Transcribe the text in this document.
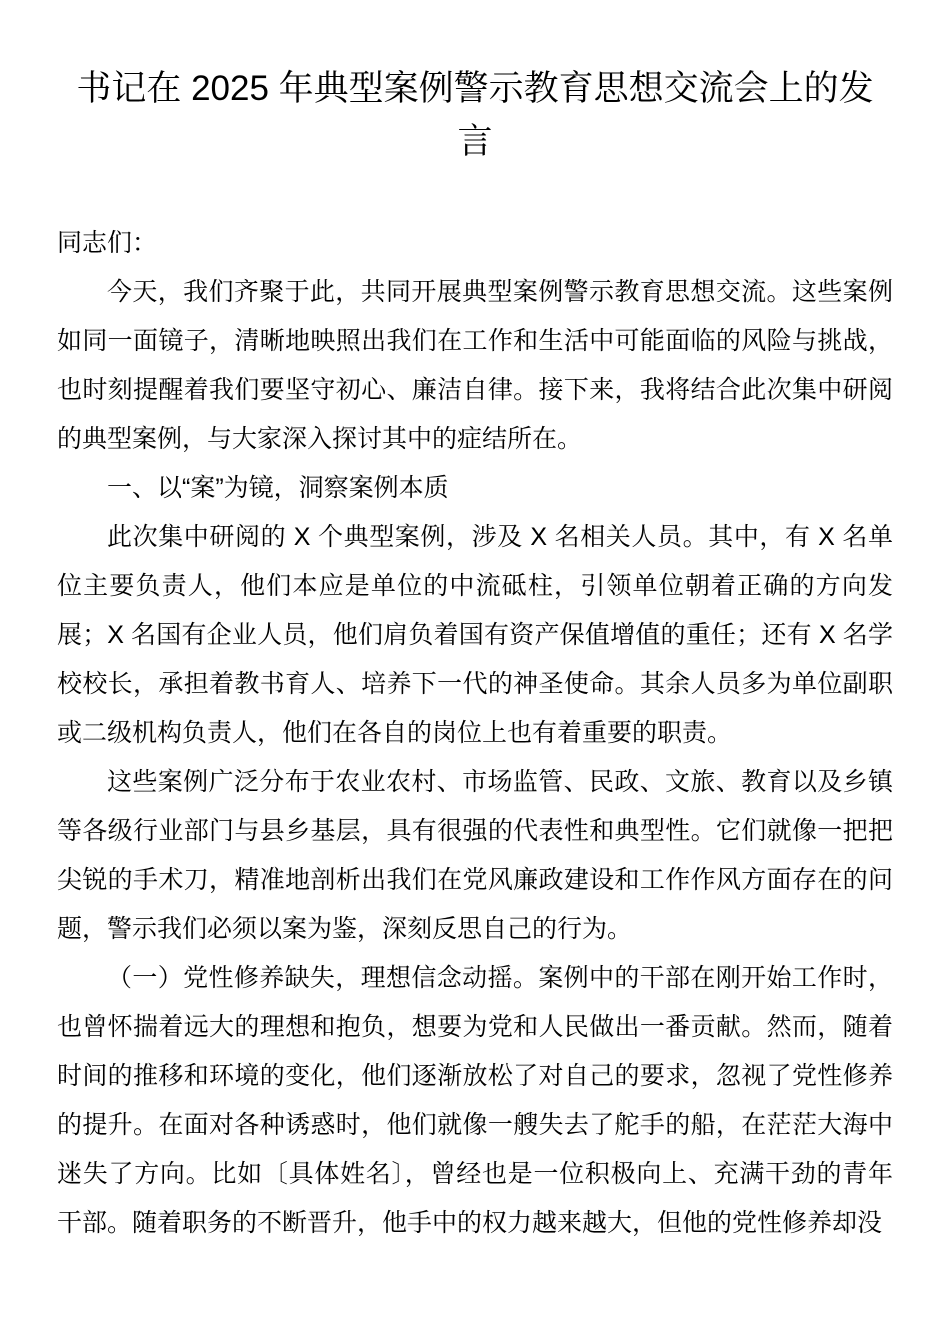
书记在 2025 年典型案例警示教育思想交流会上的发言

同志们：

今天，我们齐聚于此，共同开展典型案例警示教育思想交流。这些案例如同一面镜子，清晰地映照出我们在工作和生活中可能面临的风险与挑战，也时刻提醒着我们要坚守初心、廉洁自律。接下来，我将结合此次集中研阅的典型案例，与大家深入探讨其中的症结所在。

一、以“案”为镜，洞察案例本质

此次集中研阅的 X 个典型案例，涉及 X 名相关人员。其中，有 X 名单位主要负责人，他们本应是单位的中流砥柱，引领单位朝着正确的方向发展；X 名国有企业人员，他们肩负着国有资产保值增值的重任；还有 X 名学校校长，承担着教书育人、培养下一代的神圣使命。其余人员多为单位副职或二级机构负责人，他们在各自的岗位上也有着重要的职责。

这些案例广泛分布于农业农村、市场监管、民政、文旅、教育以及乡镇等各级行业部门与县乡基层，具有很强的代表性和典型性。它们就像一把把尖锐的手术刀，精准地剖析出我们在党风廉政建设和工作作风方面存在的问题，警示我们必须以案为鉴，深刻反思自己的行为。

（一）党性修养缺失，理想信念动摇。案例中的干部在刚开始工作时，也曾怀揣着远大的理想和抱负，想要为党和人民做出一番贡献。然而，随着时间的推移和环境的变化，他们逐渐放松了对自己的要求，忽视了党性修养的提升。在面对各种诱惑时，他们就像一艘失去了舵手的船，在茫茫大海中迷失了方向。比如〔具体姓名〕，曾经也是一位积极向上、充满干劲的青年干部。随着职务的不断晋升，他手中的权力越来越大，但他的党性修养却没
